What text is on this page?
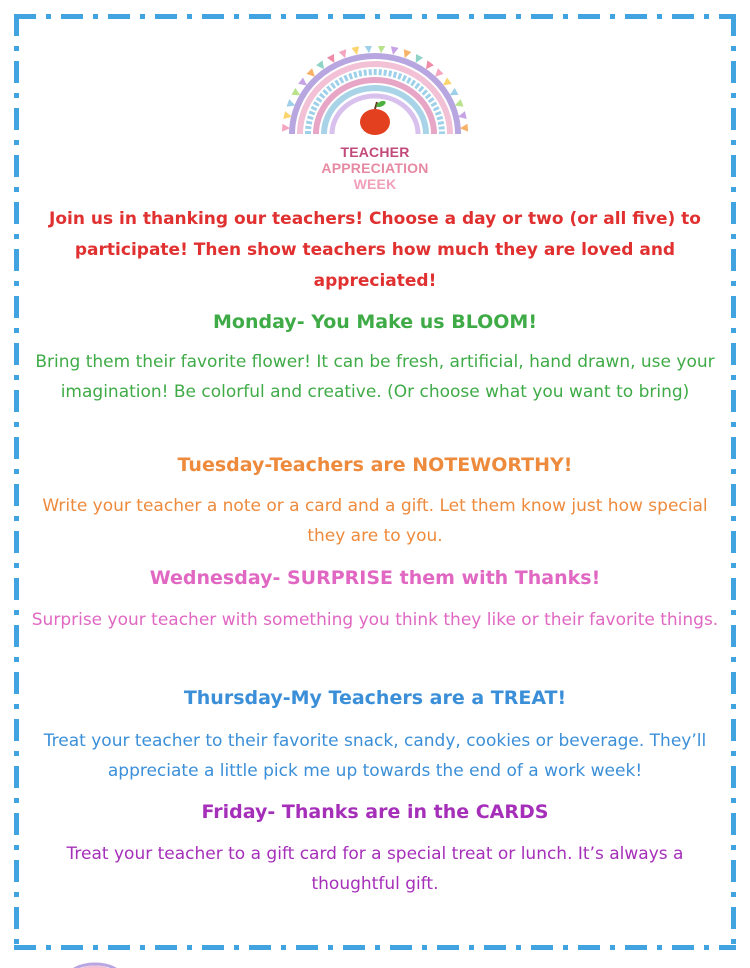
TEACHER
APPRECIATION
WEEK
Join us in thanking our teachers! Choose a day or two (or all five) to participate! Then show teachers how much they are loved and appreciated!
Monday- You Make us BLOOM!
Bring them their favorite flower! It can be fresh, artificial, hand drawn, use your imagination! Be colorful and creative. (Or choose what you want to bring)
Tuesday-Teachers are NOTEWORTHY!
Write your teacher a note or a card and a gift. Let them know just how special they are to you.
Wednesday- SURPRISE them with Thanks!
Surprise your teacher with something you think they like or their favorite things.
Thursday-My Teachers are a TREAT!
Treat your teacher to their favorite snack, candy, cookies or beverage. They’ll appreciate a little pick me up towards the end of a work week!
Friday- Thanks are in the CARDS
Treat your teacher to a gift card for a special treat or lunch. It’s always a thoughtful gift.
